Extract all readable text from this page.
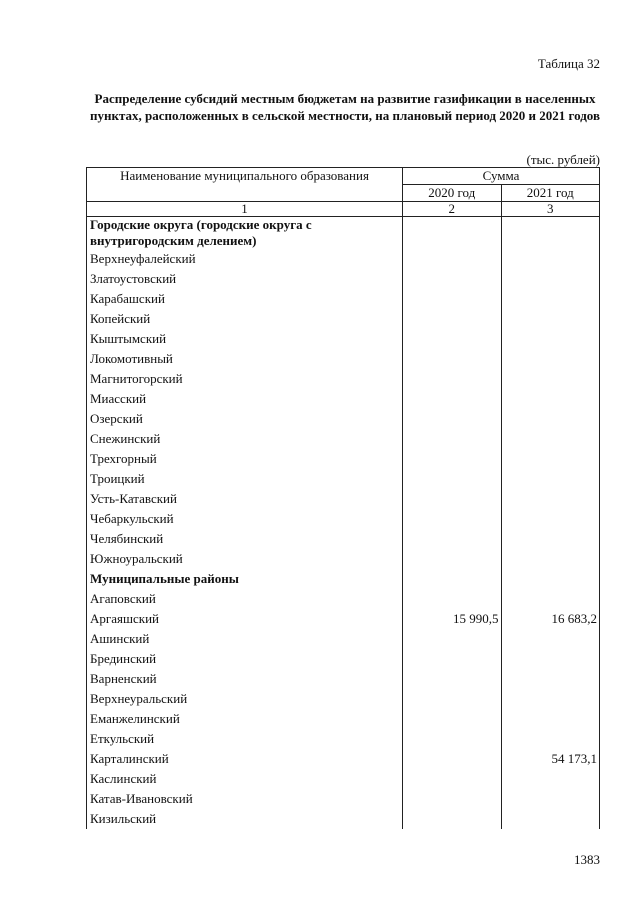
Таблица 32
Распределение субсидий местным бюджетам на развитие газификации в населенных пунктах, расположенных в сельской местности, на плановый период 2020 и 2021 годов
(тыс. рублей)
Наименование муниципального образования	Сумма	
	2020 год	2021 год
1	2	3
Городские округа (городские округа с внутригородским делением)		
Верхнеуфалейский		
Златоустовский		
Карабашский		
Копейский		
Кыштымский		
Локомотивный		
Магнитогорский		
Миасский		
Озерский		
Снежинский		
Трехгорный		
Троицкий		
Усть-Катавский		
Чебаркульский		
Челябинский		
Южноуральский		
Муниципальные районы		
Агаповский		
Аргаяшский	15 990,5	16 683,2
Ашинский		
Брединский		
Варненский		
Верхнеуральский		
Еманжелинский		
Еткульский		
Карталинский		54 173,1
Каслинский		
Катав-Ивановский		
Кизильский		
1383
